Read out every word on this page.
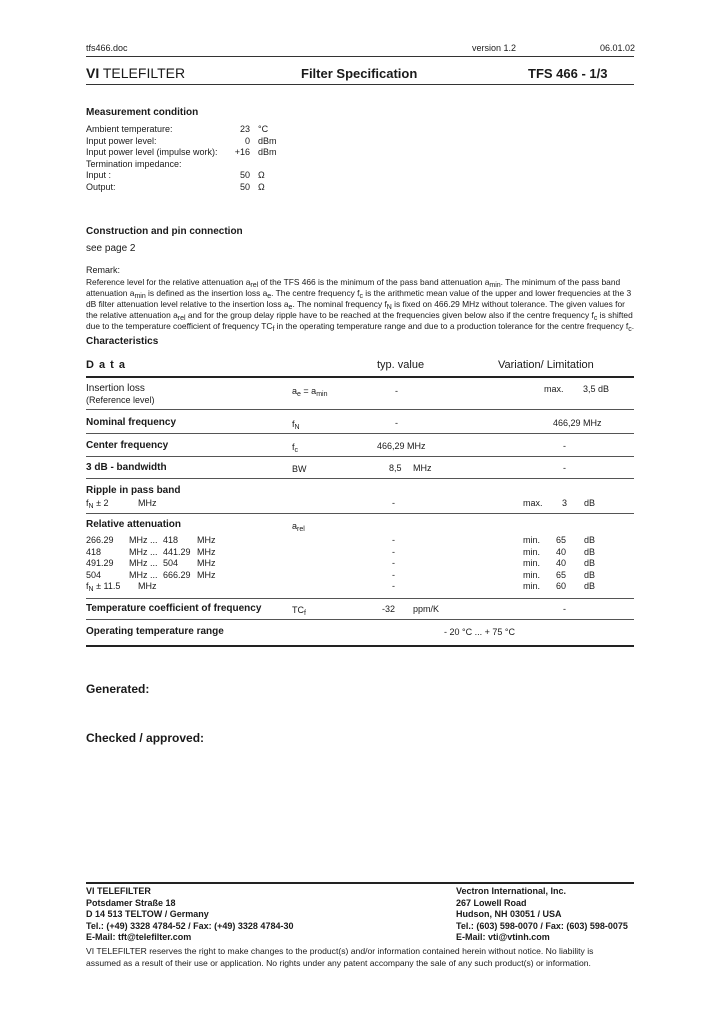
tfs466.doc	version 1.2	06.01.02
VI TELEFILTER	Filter Specification	TFS 466 - 1/3
Measurement condition
Ambient temperature:	23 °C
Input power level:	0 dBm
Input power level (impulse work):	+16 dBm
Termination impedance:
Input :	50 Ω
Output:	50 Ω
Construction and pin connection
see page 2
Remark:
Reference level for the relative attenuation $a_{rel}$ of the TFS 466 is the minimum of the pass band attenuation $a_{min}$. The minimum of the pass band
attenuation $a_{min}$ is defined as the insertion loss $a_e$. The centre frequency $f_c$ is the arithmetic mean value of the upper and lower frequencies at the 3
dB filter attenuation level relative to the insertion loss $a_e$. The nominal frequency $f_N$ is fixed on 466.29 MHz without tolerance. The given values for
the relative attenuation $a_{rel}$ and for the group delay ripple have to be reached at the frequencies given below also if the centre frequency $f_c$ is shifted
due to the temperature coefficient of frequency $TC_f$ in the operating temperature range and due to a production tolerance for the centre frequency $f_c$.
Characteristics
D a t a	typ. value	Variation/ Limitation
Insertion loss
(Reference level)
$a_e = a_{min}$	-	max. 3,5 dB
Nominal frequency	$f_N$	-	466,29 MHz
Center frequency	$f_c$	466,29 MHz	-
3 dB - bandwidth	BW	8,5 MHz	-
Ripple in pass band
$f_N \pm 2$	MHz	-	max. 3 dB
Relative attenuation	$a_{rel}$
266.29 MHz ... 418 MHz	-	min. 65 dB
418	MHz ... 441.29 MHz	-	min. 40 dB
491.29 MHz ... 504 MHz	-	min. 40 dB
504	MHz ... 666.29 MHz	-	min. 65 dB
$f_N \pm 11.5$ MHz	-	min. 60 dB
Temperature coefficient of frequency	$TC_f$	-32 ppm/K	-
Operating temperature range	- 20 °C ... + 75 °C
Generated:
Checked / approved:
VI TELEFILTER
Potsdamer Straße 18
D 14 513 TELTOW / Germany
Tel.: (+49) 3328 4784-52 / Fax: (+49) 3328 4784-30
E-Mail: tft@telefilter.com
Vectron International, Inc.
267 Lowell Road
Hudson, NH 03051 / USA
Tel.: (603) 598-0070 / Fax: (603) 598-0075
E-Mail: vti@vtinh.com
VI TELEFILTER reserves the right to make changes to the product(s) and/or information contained herein without notice. No liability is
assumed as a result of their use or application. No rights under any patent accompany the sale of any such product(s) or information.
